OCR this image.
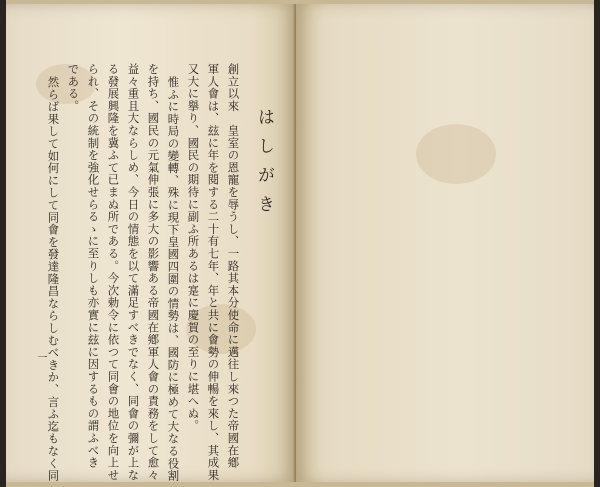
はしがき
創立以來　皇室の恩寵を辱うし、一路其本分使命に邁往し來つた帝國在鄕
軍人會は、玆に年を閱する二十有七年、年と共に會勢の伸暢を來し、其成果
又大に擧り、國民の期待に副ふ所あるは寔に慶賀の至りに堪へぬ。
惟ふに時局の變轉、殊に現下皇國四圍の情勢は、國防に極めて大なる役割
を持ち、國民の元氣伸張に多大の影響ある帝國在鄕軍人會の責務をして愈々
益々重且大ならしめ、今日の情態を以て滿足すべきでなく、同會の彌が上な
る發展興隆を冀ふて已まぬ所である。今次勅令に依つて同會の地位を向上せ
られ、その統制を強化せらるゝに至りしも亦實に玆に因するもの謂ふべき
である。
然らば果して如何にして同會を發達隆昌ならしむべきか、言ふ迄もなく同
一
